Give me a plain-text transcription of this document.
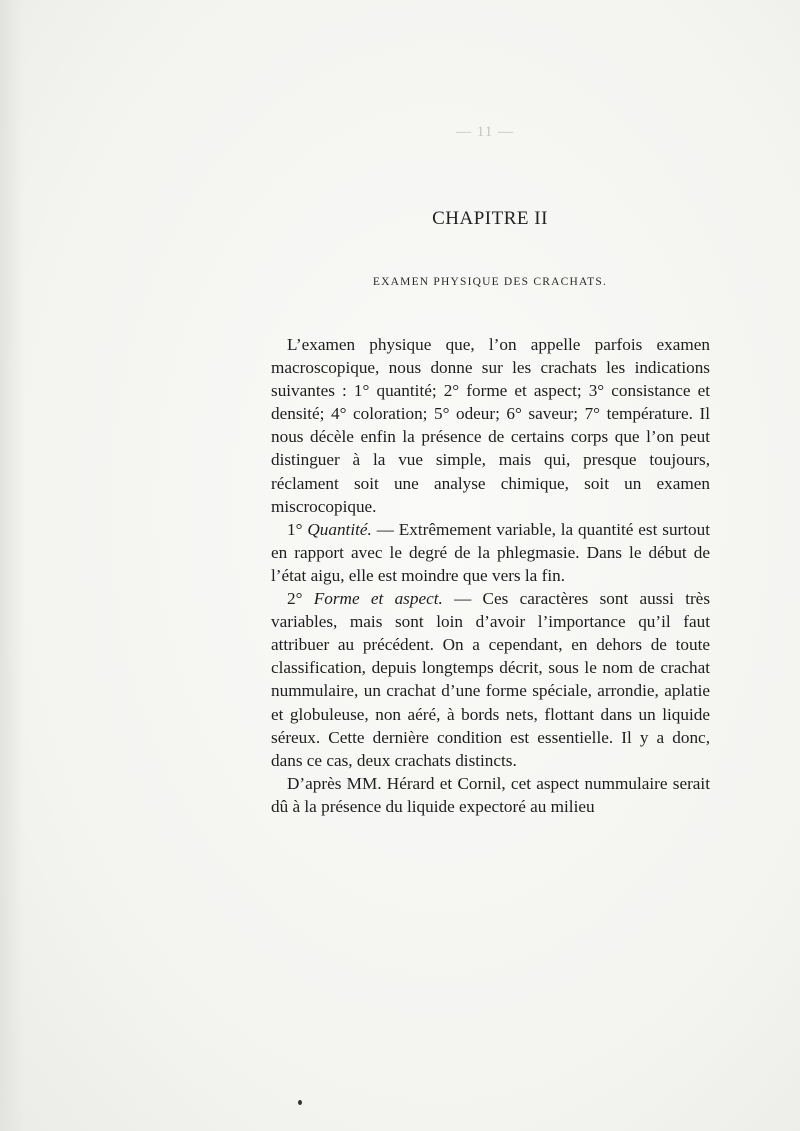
— 11 —
CHAPITRE II
EXAMEN PHYSIQUE DES CRACHATS.

L’examen physique que, l’on appelle parfois examen macroscopique, nous donne sur les crachats les indications suivantes : 1° quantité; 2° forme et aspect; 3° consistance et densité; 4° coloration; 5° odeur; 6° saveur; 7° température. Il nous décèle enfin la présence de certains corps que l’on peut distinguer à la vue simple, mais qui, presque toujours, réclament soit une analyse chimique, soit un examen miscrocopique.

1° Quantité. — Extrêmement variable, la quantité est surtout en rapport avec le degré de la phlegmasie. Dans le début de l’état aigu, elle est moindre que vers la fin.

2° Forme et aspect. — Ces caractères sont aussi très variables, mais sont loin d’avoir l’importance qu’il faut attribuer au précédent. On a cependant, en dehors de toute classification, depuis longtemps décrit, sous le nom de crachat nummulaire, un crachat d’une forme spéciale, arrondie, aplatie et globuleuse, non aéré, à bords nets, flottant dans un liquide séreux. Cette dernière condition est essentielle. Il y a donc, dans ce cas, deux crachats distincts.

D’après MM. Hérard et Cornil, cet aspect nummulaire serait dû à la présence du liquide expectoré au milieu
